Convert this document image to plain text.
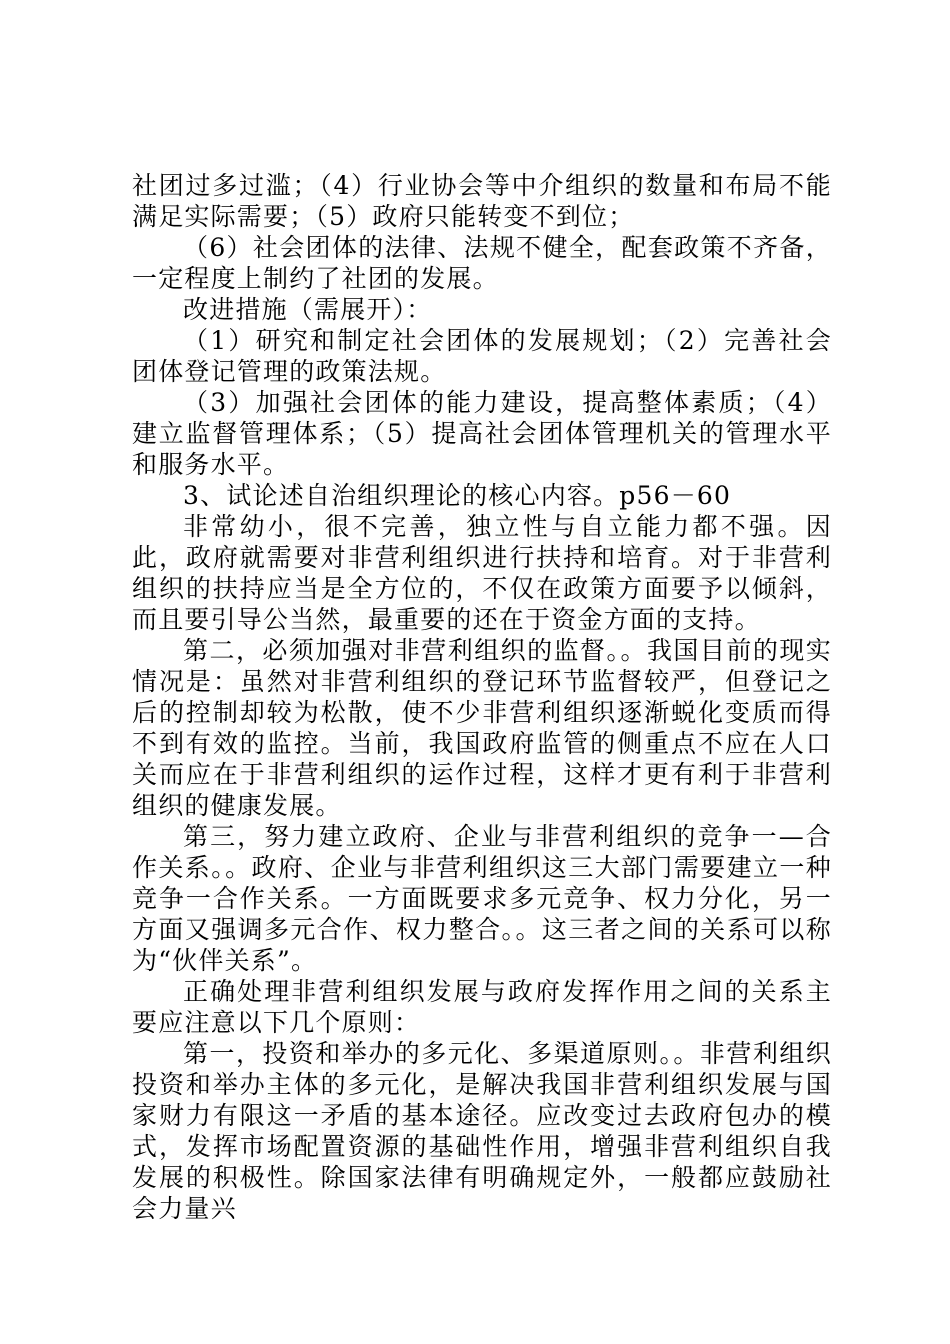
社团过多过滥；（4）行业协会等中介组织的数量和布局不能满足实际需要；（5）政府只能转变不到位；

（6）社会团体的法律、法规不健全，配套政策不齐备，一定程度上制约了社团的发展。

改进措施（需展开）：

（1）研究和制定社会团体的发展规划；（2）完善社会团体登记管理的政策法规。

（3）加强社会团体的能力建设，提高整体素质；（4）建立监督管理体系；（5）提高社会团体管理机关的管理水平和服务水平。

3、试论述自治组织理论的核心内容。p56－60

非常幼小，很不完善，独立性与自立能力都不强。因此，政府就需要对非营利组织进行扶持和培育。对于非营利组织的扶持应当是全方位的，不仅在政策方面要予以倾斜，而且要引导公当然，最重要的还在于资金方面的支持。

第二，必须加强对非营利组织的监督。。我国目前的现实情况是：虽然对非营利组织的登记环节监督较严，但登记之后的控制却较为松散，使不少非营利组织逐渐蜕化变质而得不到有效的监控。当前，我国政府监管的侧重点不应在人口关而应在于非营利组织的运作过程，这样才更有利于非营利组织的健康发展。

第三，努力建立政府、企业与非营利组织的竞争一—合作关系。。政府、企业与非营利组织这三大部门需要建立一种竞争一合作关系。一方面既要求多元竞争、权力分化，另一方面又强调多元合作、权力整合。。这三者之间的关系可以称为“伙伴关系”。

正确处理非营利组织发展与政府发挥作用之间的关系主要应注意以下几个原则：

第一，投资和举办的多元化、多渠道原则。。非营利组织投资和举办主体的多元化，是解决我国非营利组织发展与国家财力有限这一矛盾的基本途径。应改变过去政府包办的模式，发挥市场配置资源的基础性作用，增强非营利组织自我发展的积极性。除国家法律有明确规定外，一般都应鼓励社会力量兴
